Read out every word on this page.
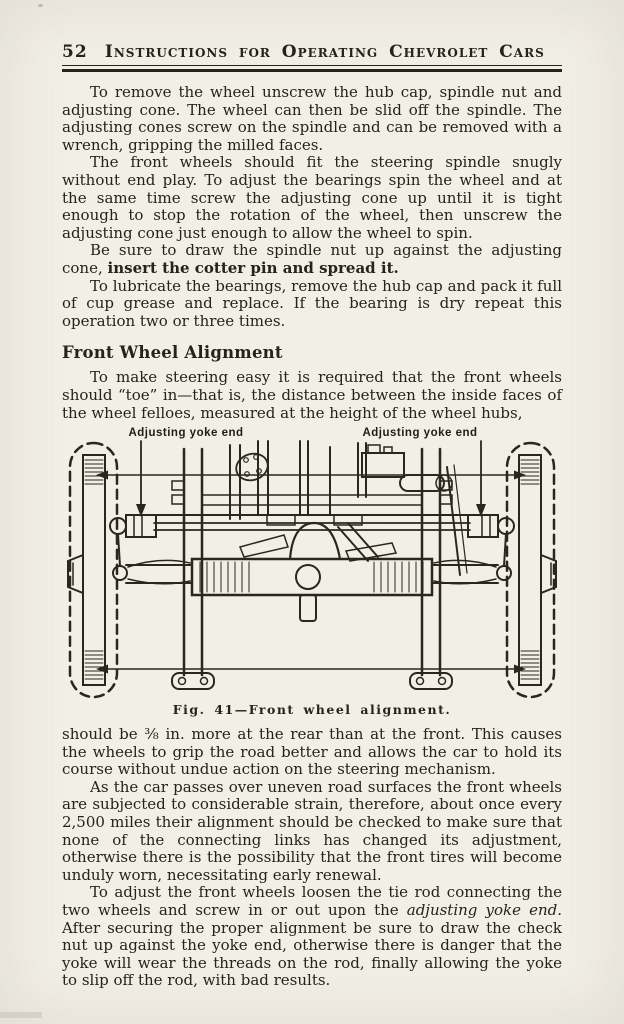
52	Instructions for Operating Chevrolet Cars

To remove the wheel unscrew the hub cap, spindle nut and adjusting cone. The wheel can then be slid off the spindle. The adjusting cones screw on the spindle and can be removed with a wrench, gripping the milled faces.

The front wheels should fit the steering spindle snugly without end play. To adjust the bearings spin the wheel and at the same time screw the adjusting cone up until it is tight enough to stop the rotation of the wheel, then unscrew the adjusting cone just enough to allow the wheel to spin.

Be sure to draw the spindle nut up against the adjusting cone, insert the cotter pin and spread it.

To lubricate the bearings, remove the hub cap and pack it full of cup grease and replace. If the bearing is dry repeat this operation two or three times.

Front Wheel Alignment

To make steering easy it is required that the front wheels should “toe” in—that is, the distance between the inside faces of the wheel felloes, measured at the height of the wheel hubs,

Adjusting yoke end	Adjusting yoke end
Fig. 41—Front wheel alignment.

should be ⅜ in. more at the rear than at the front. This causes the wheels to grip the road better and allows the car to hold its course without undue action on the steering mechanism.

As the car passes over uneven road surfaces the front wheels are subjected to considerable strain, therefore, about once every 2,500 miles their alignment should be checked to make sure that none of the connecting links has changed its adjustment, otherwise there is the possibility that the front tires will become unduly worn, necessitating early renewal.

To adjust the front wheels loosen the tie rod connecting the two wheels and screw in or out upon the adjusting yoke end. After securing the proper alignment be sure to draw the check nut up against the yoke end, otherwise there is danger that the yoke will wear the threads on the rod, finally allowing the yoke to slip off the rod, with bad results.
